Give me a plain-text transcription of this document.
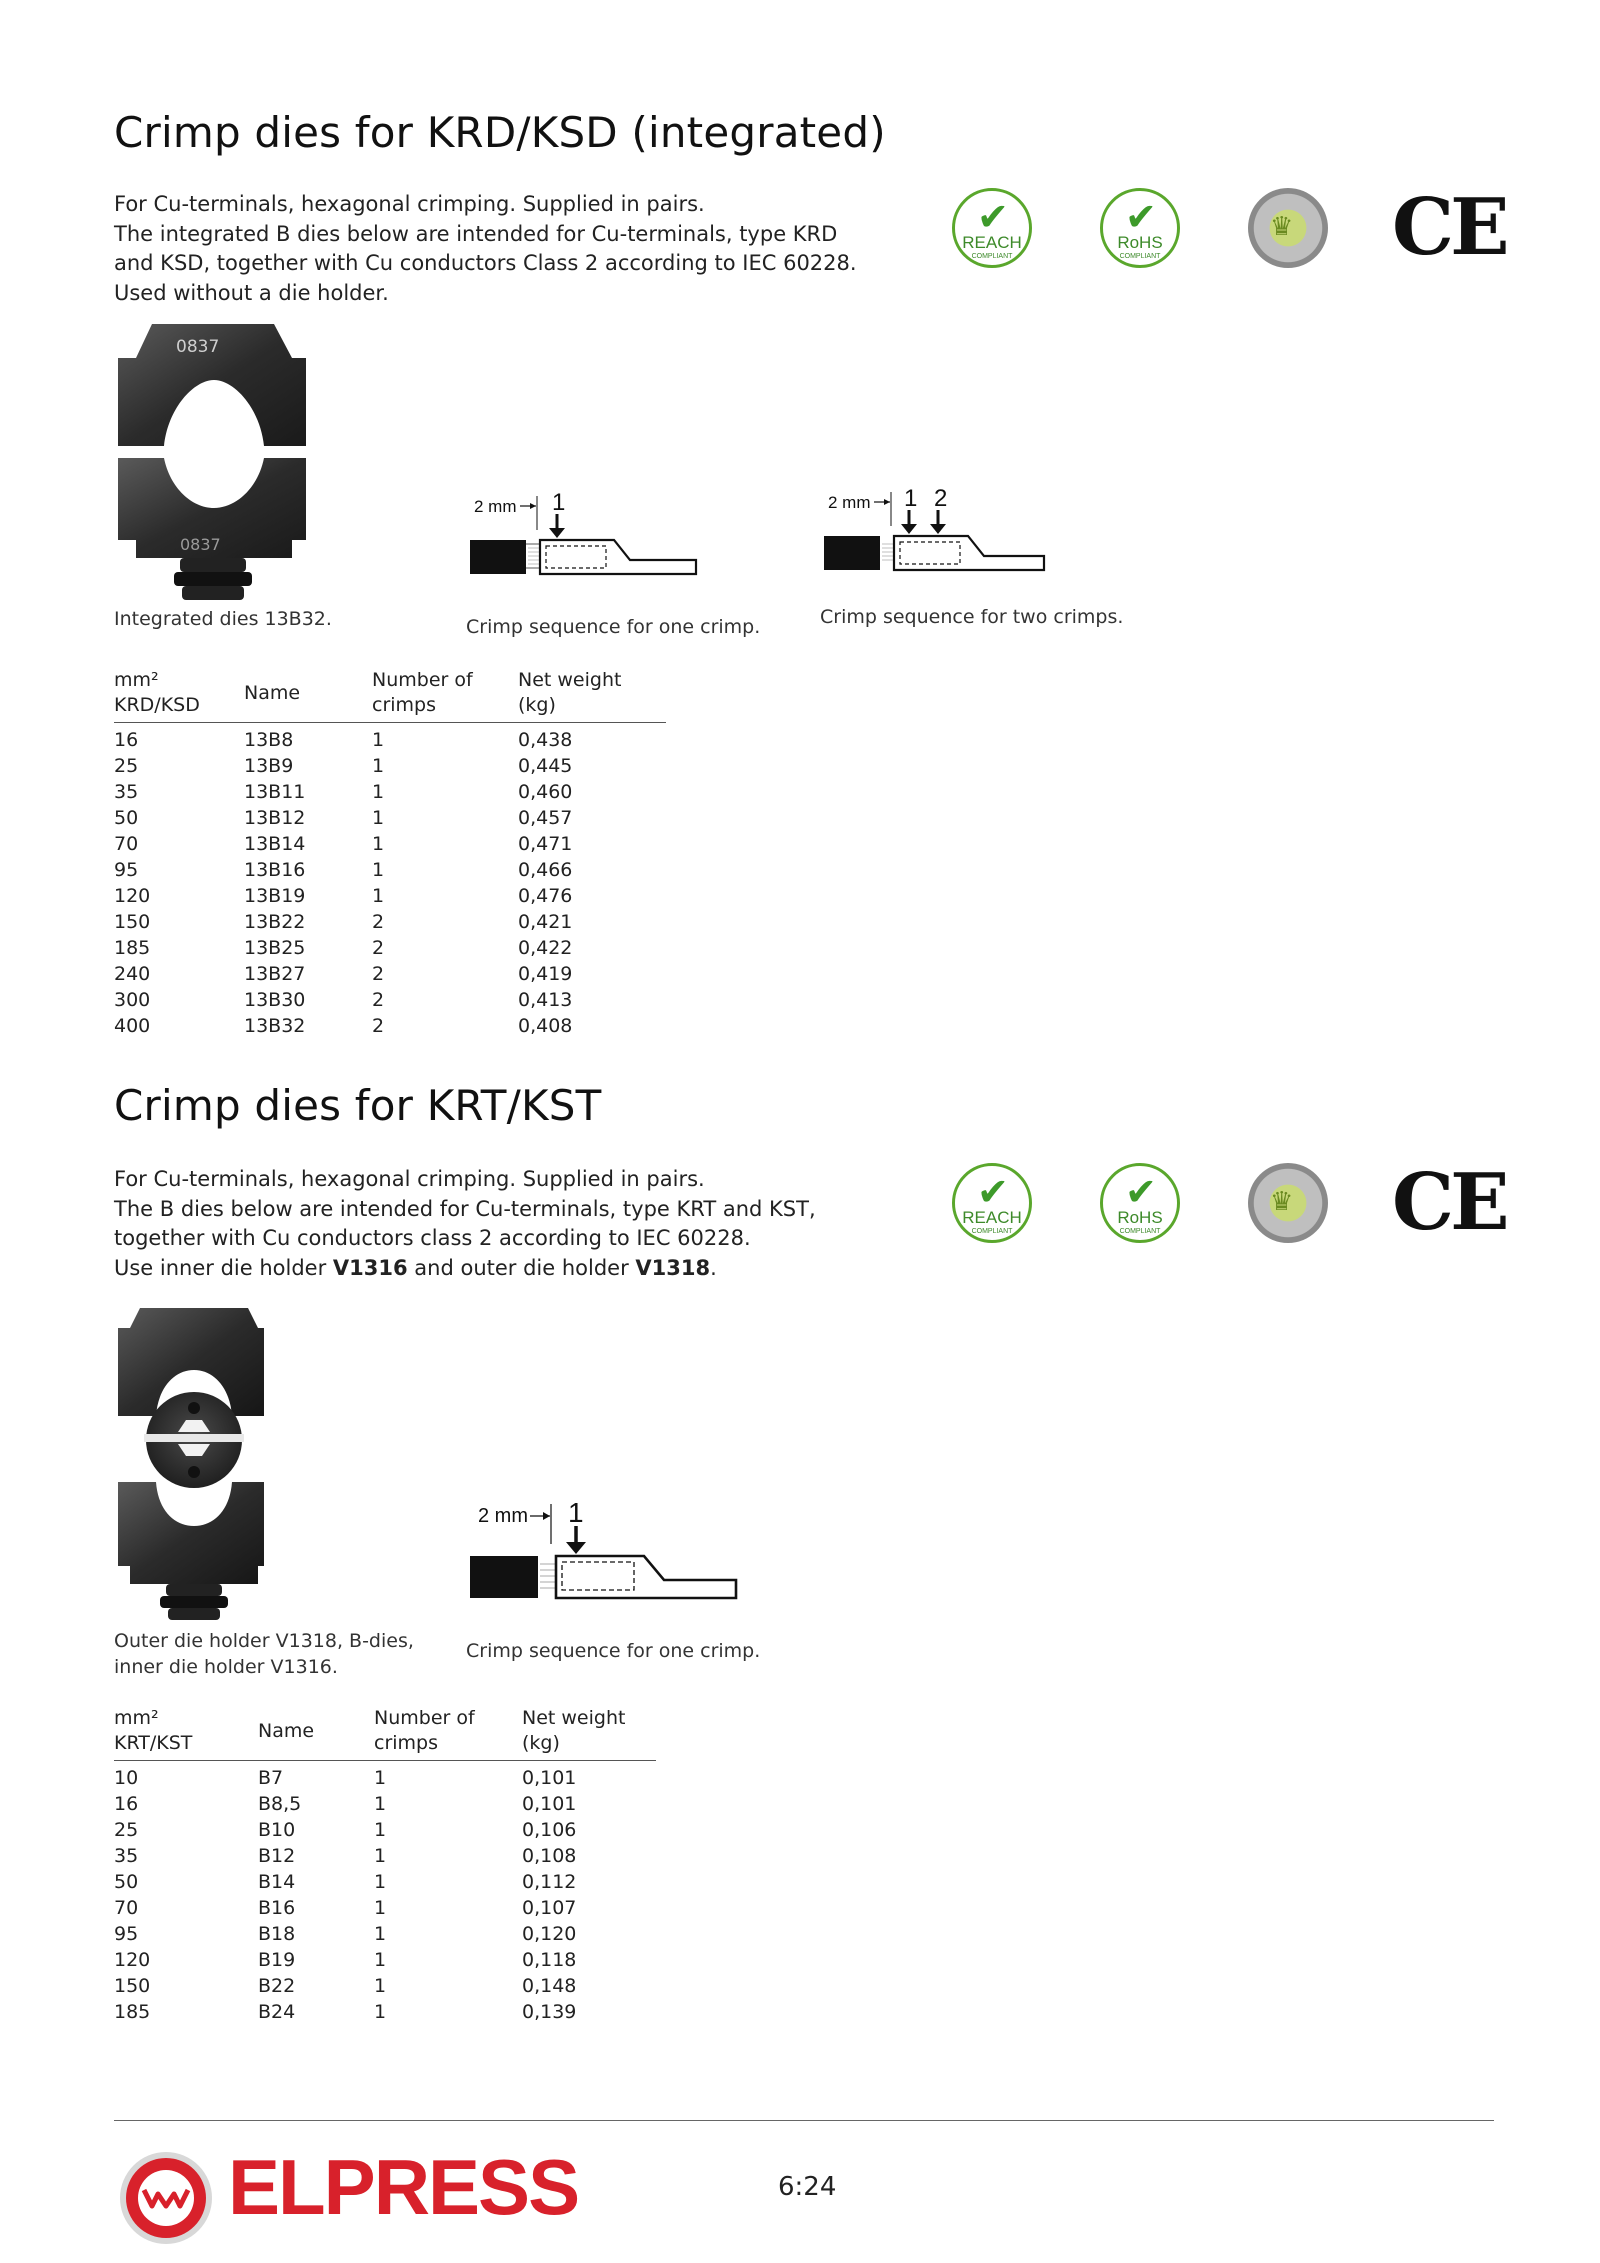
Crimp dies for KRD/KSD (integrated)
For Cu-terminals, hexagonal crimping. Supplied in pairs.
The integrated B dies below are intended for Cu-terminals, type KRD
and KSD, together with Cu conductors Class 2 according to IEC 60228.
Used without a die holder.
✔
REACH
COMPLIANT
✔
RoHS
COMPLIANT
♛ CE
0837
0837
Integrated dies 13B32.
2 mm 1
Crimp sequence for one crimp.
2 mm 1 2
Crimp sequence for two crimps.
mm²
KRD/KSD	Name	Number of
crimps	Net weight
(kg)
16	13B8	1	0,438
25	13B9	1	0,445
35	13B11	1	0,460
50	13B12	1	0,457
70	13B14	1	0,471
95	13B16	1	0,466
120	13B19	1	0,476
150	13B22	2	0,421
185	13B25	2	0,422
240	13B27	2	0,419
300	13B30	2	0,413
400	13B32	2	0,408
Crimp dies for KRT/KST
For Cu-terminals, hexagonal crimping. Supplied in pairs.
The B dies below are intended for Cu-terminals, type KRT and KST,
together with Cu conductors class 2 according to IEC 60228.
Use inner die holder V1316 and outer die holder V1318.
✔
REACH
COMPLIANT
✔
RoHS
COMPLIANT
♛ CE
Outer die holder V1318, B-dies,
inner die holder V1316.
2 mm 1
Crimp sequence for one crimp.
mm²
KRT/KST	Name	Number of
crimps	Net weight
(kg)
10	B7	1	0,101
16	B8,5	1	0,101
25	B10	1	0,106
35	B12	1	0,108
50	B14	1	0,112
70	B16	1	0,107
95	B18	1	0,120
120	B19	1	0,118
150	B22	1	0,148
185	B24	1	0,139
ELPRESS	6:24
